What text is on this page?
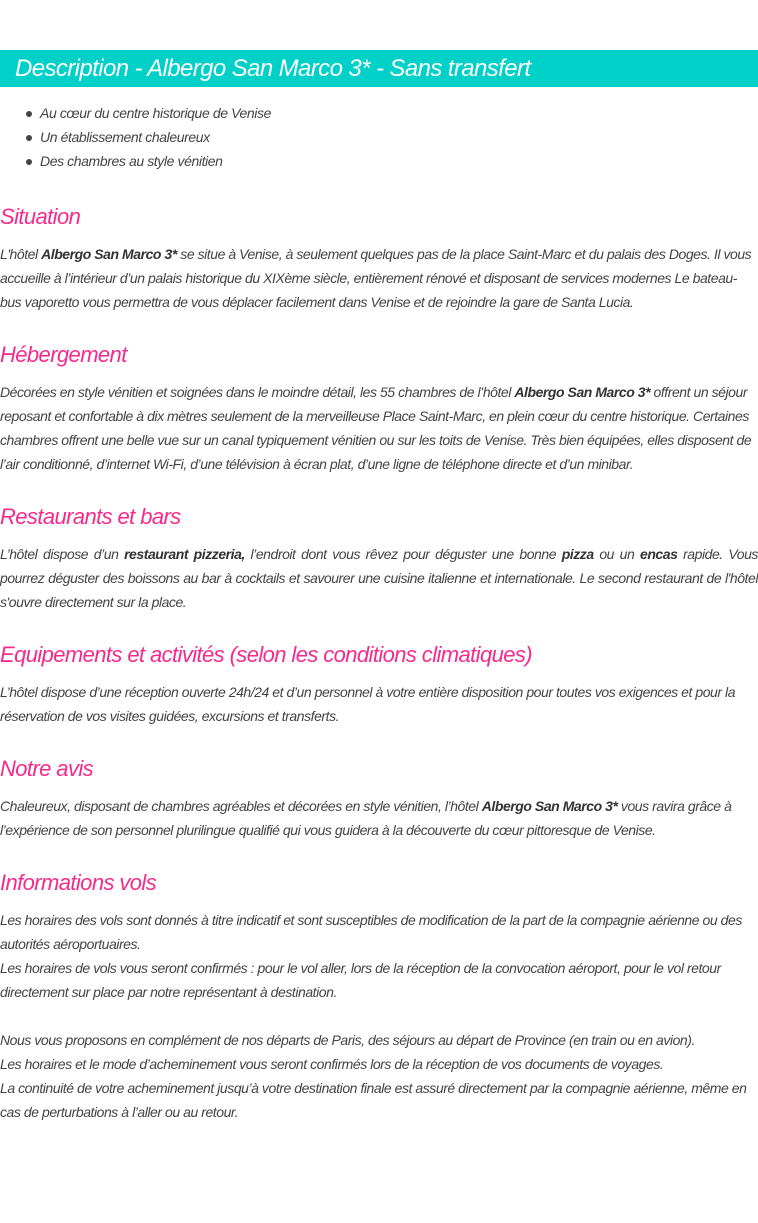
Description - Albergo San Marco 3* - Sans transfert
Au cœur du centre historique de Venise
Un établissement chaleureux
Des chambres au style vénitien
Situation

L'hôtel Albergo San Marco 3* se situe à Venise, à seulement quelques pas de la place Saint-Marc et du palais des Doges. Il vous accueille à l’intérieur d’un palais historique du XIXème siècle, entièrement rénové et disposant de services modernes Le bateau-bus vaporetto vous permettra de vous déplacer facilement dans Venise et de rejoindre la gare de Santa Lucia.

Hébergement

Décorées en style vénitien et soignées dans le moindre détail, les 55 chambres de l’hôtel Albergo San Marco 3* offrent un séjour reposant et confortable à dix mètres seulement de la merveilleuse Place Saint-Marc, en plein cœur du centre historique. Certaines chambres offrent une belle vue sur un canal typiquement vénitien ou sur les toits de Venise. Très bien équipées, elles disposent de l’air conditionné, d’internet Wi-Fi, d’une télévision à écran plat, d’une ligne de téléphone directe et d’un minibar.

Restaurants et bars

L’hôtel dispose d’un restaurant pizzeria, l’endroit dont vous rêvez pour déguster une bonne pizza ou un encas rapide. Vous pourrez déguster des boissons au bar à cocktails et savourer une cuisine italienne et internationale. Le second restaurant de l'hôtel s'ouvre directement sur la place.

Equipements et activités (selon les conditions climatiques)

L’hôtel dispose d’une réception ouverte 24h/24 et d’un personnel à votre entière disposition pour toutes vos exigences et pour la réservation de vos visites guidées, excursions et transferts.

Notre avis

Chaleureux, disposant de chambres agréables et décorées en style vénitien, l’hôtel Albergo San Marco 3* vous ravira grâce à l’expérience de son personnel plurilingue qualifié qui vous guidera à la découverte du cœur pittoresque de Venise.

Informations vols

Les horaires des vols sont donnés à titre indicatif et sont susceptibles de modification de la part de la compagnie aérienne ou des autorités aéroportuaires.

Les horaires de vols vous seront confirmés : pour le vol aller, lors de la réception de la convocation aéroport, pour le vol retour directement sur place par notre représentant à destination.

Nous vous proposons en complément de nos départs de Paris, des séjours au départ de Province (en train ou en avion).

Les horaires et le mode d’acheminement vous seront confirmés lors de la réception de vos documents de voyages.

La continuité de votre acheminement jusqu’à votre destination finale est assuré directement par la compagnie aérienne, même en cas de perturbations à l’aller ou au retour.
